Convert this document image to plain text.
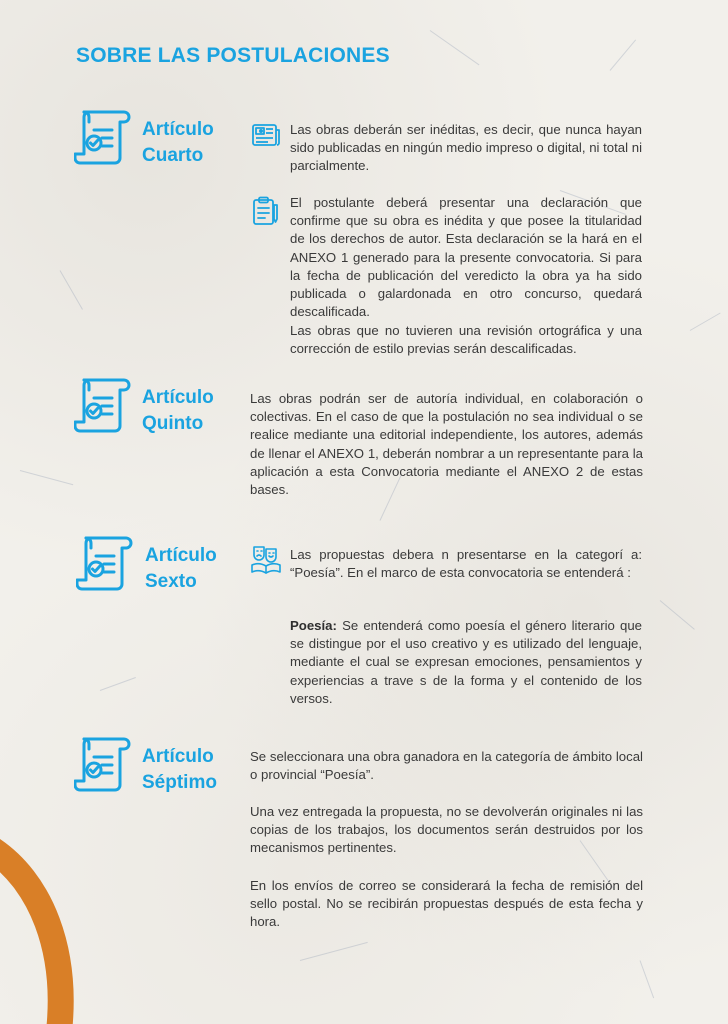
SOBRE LAS POSTULACIONES
Artículo
Cuarto

Las obras deberán ser inéditas, es decir, que nunca hayan sido publicadas en ningún medio impreso o digital, ni total ni parcialmente.

El postulante deberá presentar una declaración que confirme que su obra es inédita y que posee la titularidad de los derechos de autor. Esta declaración se la hará en el ANEXO 1 generado para la presente convocatoria. Si para la fecha de publicación del veredicto la obra ya ha sido publicada o galardonada en otro concurso, quedará descalificada.

Las obras que no tuvieren una revisión ortográfica y una corrección de estilo previas serán descalificadas.

Artículo
Quinto

Las obras podrán ser de autoría individual, en colaboración o colectivas. En el caso de que la postulación no sea individual o se realice mediante una editorial independiente, los autores, además de llenar el ANEXO 1, deberán nombrar a un representante para la aplicación a esta Convocatoria mediante el ANEXO 2 de estas bases.

Artículo
Sexto

Las propuestas debera n presentarse en la categorí a: “Poesía”. En el marco de esta convocatoria se entenderá :

Poesía: Se entenderá como poesía el género literario que se distingue por el uso creativo y es utilizado del lenguaje, mediante el cual se expresan emociones, pensamientos y experiencias a trave s de la forma y el contenido de los versos.

Artículo
Séptimo

Se seleccionara una obra ganadora en la categoría de ámbito local o provincial “Poesía”.

Una vez entregada la propuesta, no se devolverán originales ni las copias de los trabajos, los documentos serán destruidos por los mecanismos pertinentes.

En los envíos de correo se considerará la fecha de remisión del sello postal. No se recibirán propuestas después de esta fecha y hora.
